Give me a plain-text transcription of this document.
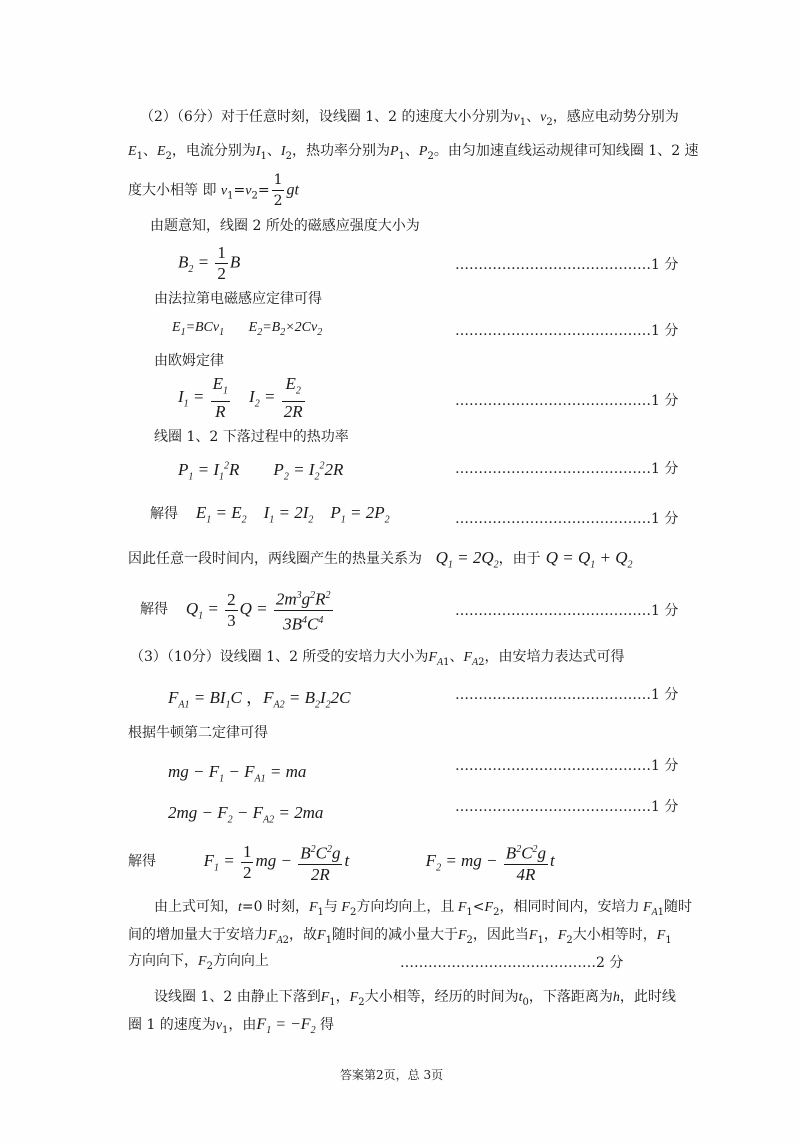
（2）（6分）对于任意时刻，设线圈 1、2 的速度大小分别为$v_1$、$v_2$，感应电动势分别为
$E_1$、$E_2$，电流分别为$I_1$、$I_2$，热功率分别为$P_1$、$P_2$。由匀加速直线运动规律可知线圈 1、2 速
度大小相等 即 $v_1=v_2= \frac{1}{2}$ gt
由题意知，线圈 2 所处的磁感应强度大小为
$B_2 = \frac{1}{2}$ B	……………………………………1 分
由法拉第电磁感应定律可得
$E_1=BCv_1$       $E_2=B_2\times 2Cv_2$	……………………………………1 分
由欧姆定律
$I_1 = \frac{E_1}{R} I_2 = \frac{E_2}{2R}$	……………………………………1 分
线圈 1、2 下落过程中的热功率
$P_1 = I_1^2R$        $P_2 = I_2^22R$	……………………………………1 分
解得    $E_1 = E_2$    $I_1 = 2I_2$    $P_1 = 2P_2$	……………………………………1 分
因此任意一段时间内，两线圈产生的热量关系为   $Q_1 = 2Q_2$，由于 $Q = Q_1 + Q_2$
解得    $Q_1 = \frac{2}{3}$ $Q = \frac{2m^3g^2R^2}{3B^4C^4}$	……………………………………1 分
（3）（10分）设线圈 1、2 所受的安培力大小为$F_{A1}$、$F_{A2}$，由安培力表达式可得
$F_{A1} = BI_1C$ ，$F_{A2} = B_2I_22C$	……………………………………1 分
根据牛顿第二定律可得
mg − $F_1 - F_{A1}$ = ma	……………………………………1 分
$2mg - F_2 - F_{A2} = 2ma$	……………………………………1 分
解得           $F_1 = \frac{1}{2}$ mg − $\frac{B^2C^2g}{2R}$ t                  $F_2$ = mg − $\frac{B^2C^2g}{4R}$ t
由上式可知，t=0 时刻，$F_1$与 $F_2$方向均向上，且 $F_1<F_2$，相同时间内，安培力 $F_{A1}$随时
间的增加量大于安培力$F_{A2}$，故$F_1$随时间的减小量大于$F_2$，因此当$F_1$，$F_2$大小相等时，$F_1$
方向向下，$F_2$方向向上	……………………………………2 分
设线圈 1、2 由静止下落到$F_1$，$F_2$大小相等，经历的时间为$t_0$，下落距离为h，此时线
圈 1 的速度为$v_1$，由$F_1 = -F_2$ 得
答案第2页，总 3页
